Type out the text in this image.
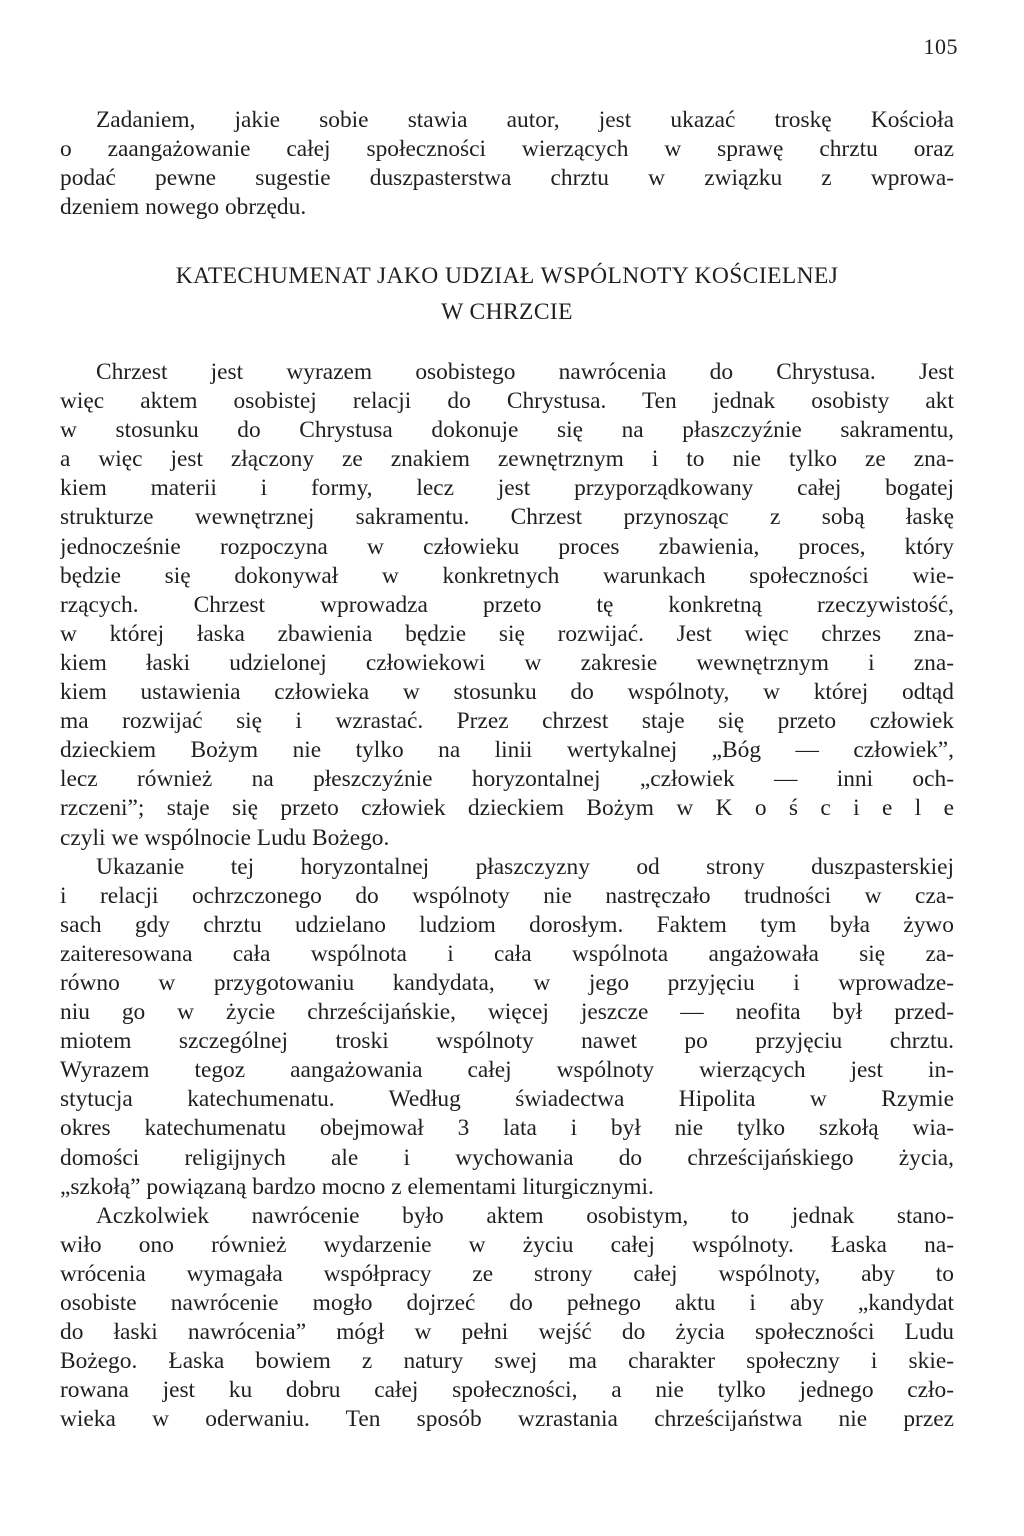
105
Zadaniem, jakie sobie stawia autor, jest ukazać troskę Kościoła
o zaangażowanie całej społeczności wierzących w sprawę chrztu oraz
podać pewne sugestie duszpasterstwa chrztu w związku z wprowa-
dzeniem nowego obrzędu.
KATECHUMENAT JAKO UDZIAŁ WSPÓLNOTY KOŚCIELNEJ
W CHRZCIE
Chrzest jest wyrazem osobistego nawrócenia do Chrystusa. Jest
więc aktem osobistej relacji do Chrystusa. Ten jednak osobisty akt
w stosunku do Chrystusa dokonuje się na płaszczyźnie sakramentu,
a więc jest złączony ze znakiem zewnętrznym i to nie tylko ze zna-
kiem materii i formy, lecz jest przyporządkowany całej bogatej
strukturze wewnętrznej sakramentu. Chrzest przynosząc z sobą łaskę
jednocześnie rozpoczyna w człowieku proces zbawienia, proces, który
będzie się dokonywał w konkretnych warunkach społeczności wie-
rzących. Chrzest wprowadza przeto tę konkretną rzeczywistość,
w której łaska zbawienia będzie się rozwijać. Jest więc chrzes zna-
kiem łaski udzielonej człowiekowi w zakresie wewnętrznym i zna-
kiem ustawienia człowieka w stosunku do wspólnoty, w której odtąd
ma rozwijać się i wzrastać. Przez chrzest staje się przeto człowiek
dzieckiem Bożym nie tylko na linii wertykalnej „Bóg — człowiek”,
lecz również na płeszczyźnie horyzontalnej „człowiek — inni och-
rzczeni”; staje się przeto człowiek dzieckiem Bożym w K o ś c i e l e
czyli we wspólnocie Ludu Bożego.
Ukazanie tej horyzontalnej płaszczyzny od strony duszpasterskiej
i relacji ochrzczonego do wspólnoty nie nastręczało trudności w cza-
sach gdy chrztu udzielano ludziom dorosłym. Faktem tym była żywo
zaiteresowana cała wspólnota i cała wspólnota angażowała się za-
równo w przygotowaniu kandydata, w jego przyjęciu i wprowadze-
niu go w życie chrześcijańskie, więcej jeszcze — neofita był przed-
miotem szczególnej troski wspólnoty nawet po przyjęciu chrztu.
Wyrazem tegoz aangażowania całej wspólnoty wierzących jest in-
stytucja katechumenatu. Według świadectwa Hipolita w Rzymie
okres katechumenatu obejmował 3 lata i był nie tylko szkołą wia-
domości religijnych ale i wychowania do chrześcijańskiego życia,
„szkołą” powiązaną bardzo mocno z elementami liturgicznymi.
Aczkolwiek nawrócenie było aktem osobistym, to jednak stano-
wiło ono również wydarzenie w życiu całej wspólnoty. Łaska na-
wrócenia wymagała współpracy ze strony całej wspólnoty, aby to
osobiste nawrócenie mogło dojrzeć do pełnego aktu i aby „kandydat
do łaski nawrócenia” mógł w pełni wejść do życia społeczności Ludu
Bożego. Łaska bowiem z natury swej ma charakter społeczny i skie-
rowana jest ku dobru całej społeczności, a nie tylko jednego czło-
wieka w oderwaniu. Ten sposób wzrastania chrześcijaństwa nie przez
